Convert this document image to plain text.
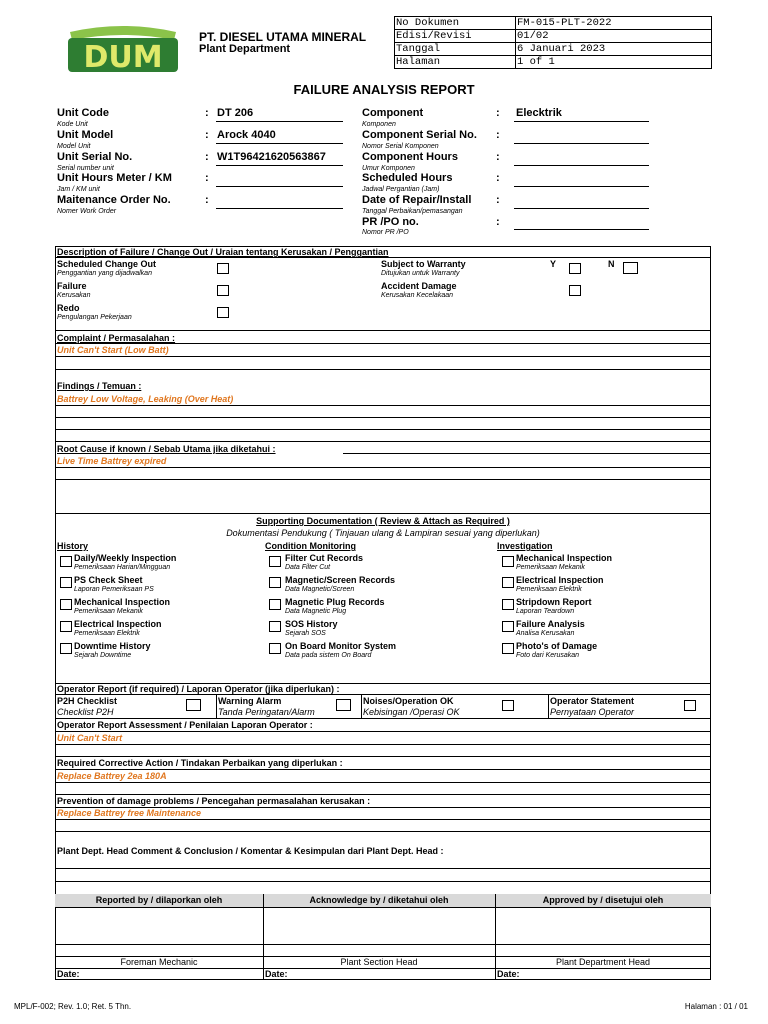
DUM
PT. DIESEL UTAMA MINERAL
Plant Department
No Dokumen	FM-015-PLT-2022
Edisi/Revisi	01/02
Tanggal	6 Januari 2023
Halaman	1 of 1
FAILURE ANALYSIS REPORT
Unit Code
Kode Unit
: DT 206
Unit Model
Model Unit
: Arock 4040
Unit Serial No.
Serial number unit
: W1T96421620563867
Unit Hours Meter / KM
Jam / KM unit
:
Maitenance Order No.
Nomer Work Order
:
Component
Komponen
: Elecktrik
Component Serial No.
Nomor Serial Komponen
:
Component Hours
Umur Komponen
:
Scheduled Hours
Jadwal Pergantian (Jam)
:
Date of Repair/Install
Tanggal Perbaikan/pemasangan
:
PR /PO no.
Nomor PR /PO
:
Description of Failure / Change Out / Uraian tentang Kerusakan / Penggantian
Scheduled Change Out
Penggantian yang dijadwalkan
Failure
Kerusakan
Redo
Pengulangan Pekerjaan
Subject to Warranty
Ditujukan untuk Warranty
Y	N
Accident Damage
Kerusakan Kecelakaan
Complaint / Permasalahan :
Unit Can't Start (Low Batt)
Findings / Temuan :
Battrey Low Voltage, Leaking (Over Heat)
Root Cause if known / Sebab Utama jika diketahui :
Live Time Battrey expired
Supporting Documentation ( Review & Attach as Required )
Dokumentasi Pendukung ( Tinjauan ulang & Lampiran sesuai yang diperlukan)
History	Condition Monitoring	Investigation
Daily/Weekly Inspection
Pemeriksaan Harian/Mingguan
PS Check Sheet
Laporan Pemeriksaan PS
Mechanical Inspection
Pemeriksaan Mekanik
Electrical Inspection
Pemeriksaan Elektrik
Downtime History
Sejarah Downtime
Filter Cut Records
Data Filter Cut
Magnetic/Screen Records
Data Magnetic/Screen
Magnetic Plug Records
Data Magnetic Plug
SOS History
Sejarah SOS
On Board Monitor System
Data pada sistem On Board
Mechanical Inspection
Pemeriksaan Mekanik
Electrical Inspection
Pemeriksaan Elektrik
Stripdown Report
Laporan Teardown
Failure Analysis
Analisa Kerusakan
Photo's of Damage
Foto dari Kerusakan
Operator Report (if required) / Laporan Operator (jika diperlukan) :
P2H Checklist
Checklist P2H
Warning Alarm
Tanda Peringatan/Alarm
Noises/Operation OK
Kebisingan /Operasi OK
Operator Statement
Pernyataan Operator
Operator Report Assessment / Penilaian Laporan Operator :
Unit Can't Start
Required Corrective Action / Tindakan Perbaikan yang diperlukan :
Replace Battrey 2ea 180A
Prevention of damage problems / Pencegahan permasalahan kerusakan :
Replace Battrey free Maintenance
Plant Dept. Head Comment & Conclusion / Komentar & Kesimpulan dari Plant Dept. Head :
Reported by / dilaporkan oleh	Acknowledge by / diketahui oleh	Approved by / disetujui oleh
Foreman Mechanic	Plant Section Head	Plant Department Head
Date:	Date:	Date:
MPL/F-002; Rev. 1.0; Ret. 5 Thn.	Halaman : 01 / 01
